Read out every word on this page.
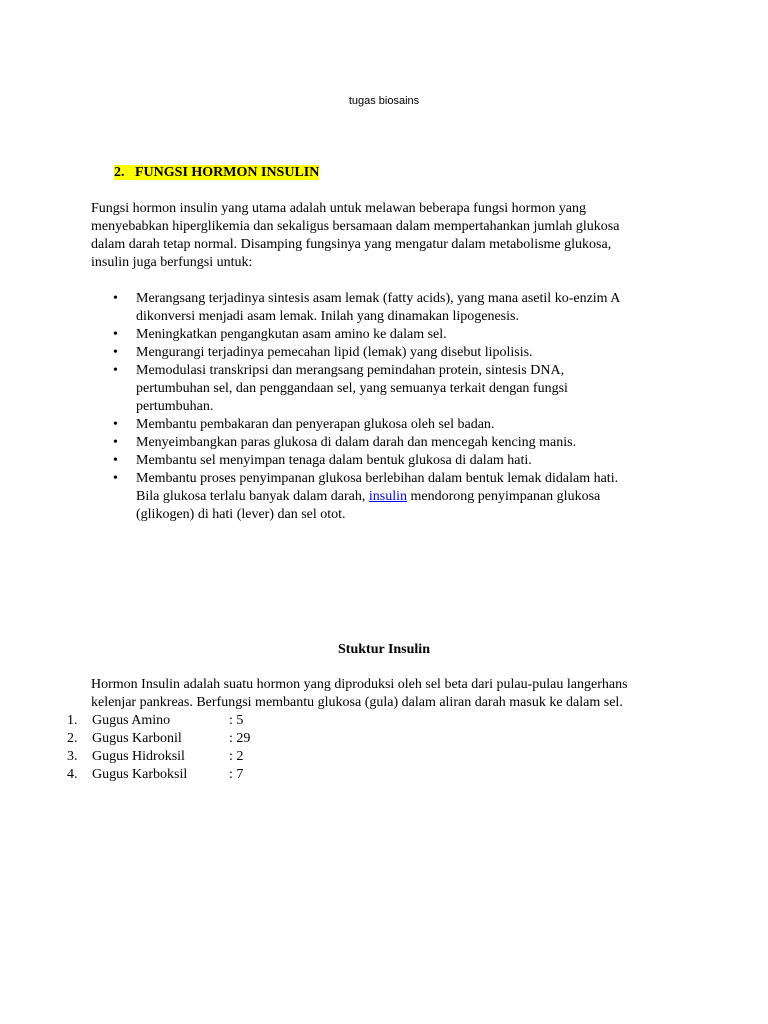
tugas biosains
2. FUNGSI HORMON INSULIN

Fungsi hormon insulin yang utama adalah untuk melawan beberapa fungsi hormon yang
menyebabkan hiperglikemia dan sekaligus bersamaan dalam mempertahankan jumlah glukosa
dalam darah tetap normal. Disamping fungsinya yang mengatur dalam metabolisme glukosa,
insulin juga berfungsi untuk:

• Merangsang terjadinya sintesis asam lemak (fatty acids), yang mana asetil ko-enzim A
dikonversi menjadi asam lemak. Inilah yang dinamakan lipogenesis.
• Meningkatkan pengangkutan asam amino ke dalam sel.
• Mengurangi terjadinya pemecahan lipid (lemak) yang disebut lipolisis.
• Memodulasi transkripsi dan merangsang pemindahan protein, sintesis DNA,
pertumbuhan sel, dan penggandaan sel, yang semuanya terkait dengan fungsi
pertumbuhan.
• Membantu pembakaran dan penyerapan glukosa oleh sel badan.
• Menyeimbangkan paras glukosa di dalam darah dan mencegah kencing manis.
• Membantu sel menyimpan tenaga dalam bentuk glukosa di dalam hati.
• Membantu proses penyimpanan glukosa berlebihan dalam bentuk lemak didalam hati.
Bila glukosa terlalu banyak dalam darah, insulin mendorong penyimpanan glukosa
(glikogen) di hati (lever) dan sel otot.
Stuktur Insulin

Hormon Insulin adalah suatu hormon yang diproduksi oleh sel beta dari pulau-pulau langerhans
kelenjar pankreas. Berfungsi membantu glukosa (gula) dalam aliran darah masuk ke dalam sel.

1. Gugus Amino	: 5
2. Gugus Karbonil	: 29
3. Gugus Hidroksil	: 2
4. Gugus Karboksil	: 7
